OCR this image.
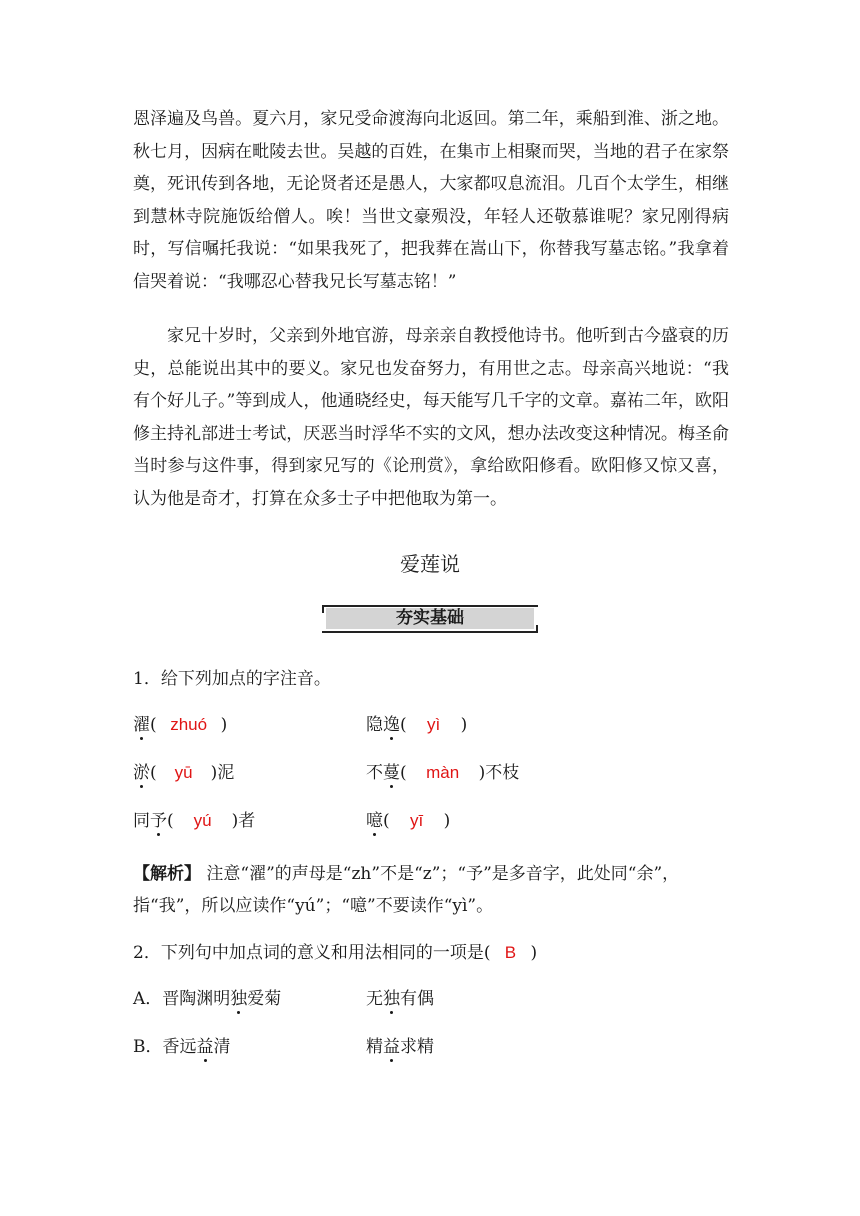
恩泽遍及鸟兽。夏六月，家兄受命渡海向北返回。第二年，乘船到淮、浙之地。秋七月，因病在毗陵去世。吴越的百姓，在集市上相聚而哭，当地的君子在家祭奠，死讯传到各地，无论贤者还是愚人，大家都叹息流泪。几百个太学生，相继到慧林寺院施饭给僧人。唉！当世文豪殒没，年轻人还敬慕谁呢？家兄刚得病时，写信嘱托我说：“如果我死了，把我葬在嵩山下，你替我写墓志铭。”我拿着信哭着说：“我哪忍心替我兄长写墓志铭！”

家兄十岁时，父亲到外地官游，母亲亲自教授他诗书。他听到古今盛衰的历史，总能说出其中的要义。家兄也发奋努力，有用世之志。母亲高兴地说：“我有个好儿子。”等到成人，他通晓经史，每天能写几千字的文章。嘉祐二年，欧阳修主持礼部进士考试，厌恶当时浮华不实的文风，想办法改变这种情况。梅圣俞当时参与这件事，得到家兄写的《论刑赏》，拿给欧阳修看。欧阳修又惊又喜，认为他是奇才，打算在众多士子中把他取为第一。

爱莲说
夯实基础
1．给下列加点的字注音。
濯( zhuó )	隐逸( yì )
淤( yū )泥	不蔓( màn )不枝
同予( yú )者	噫( yī )
【解析】 注意“濯”的声母是“zh”不是“z”；“予”是多音字，此处同“余”，指“我”，所以应读作“yú”；“噫”不要读作“yì”。
2．下列句中加点词的意义和用法相同的一项是( B )
A．晋陶渊明独爱菊	无独有偶
B．香远益清	精益求精
